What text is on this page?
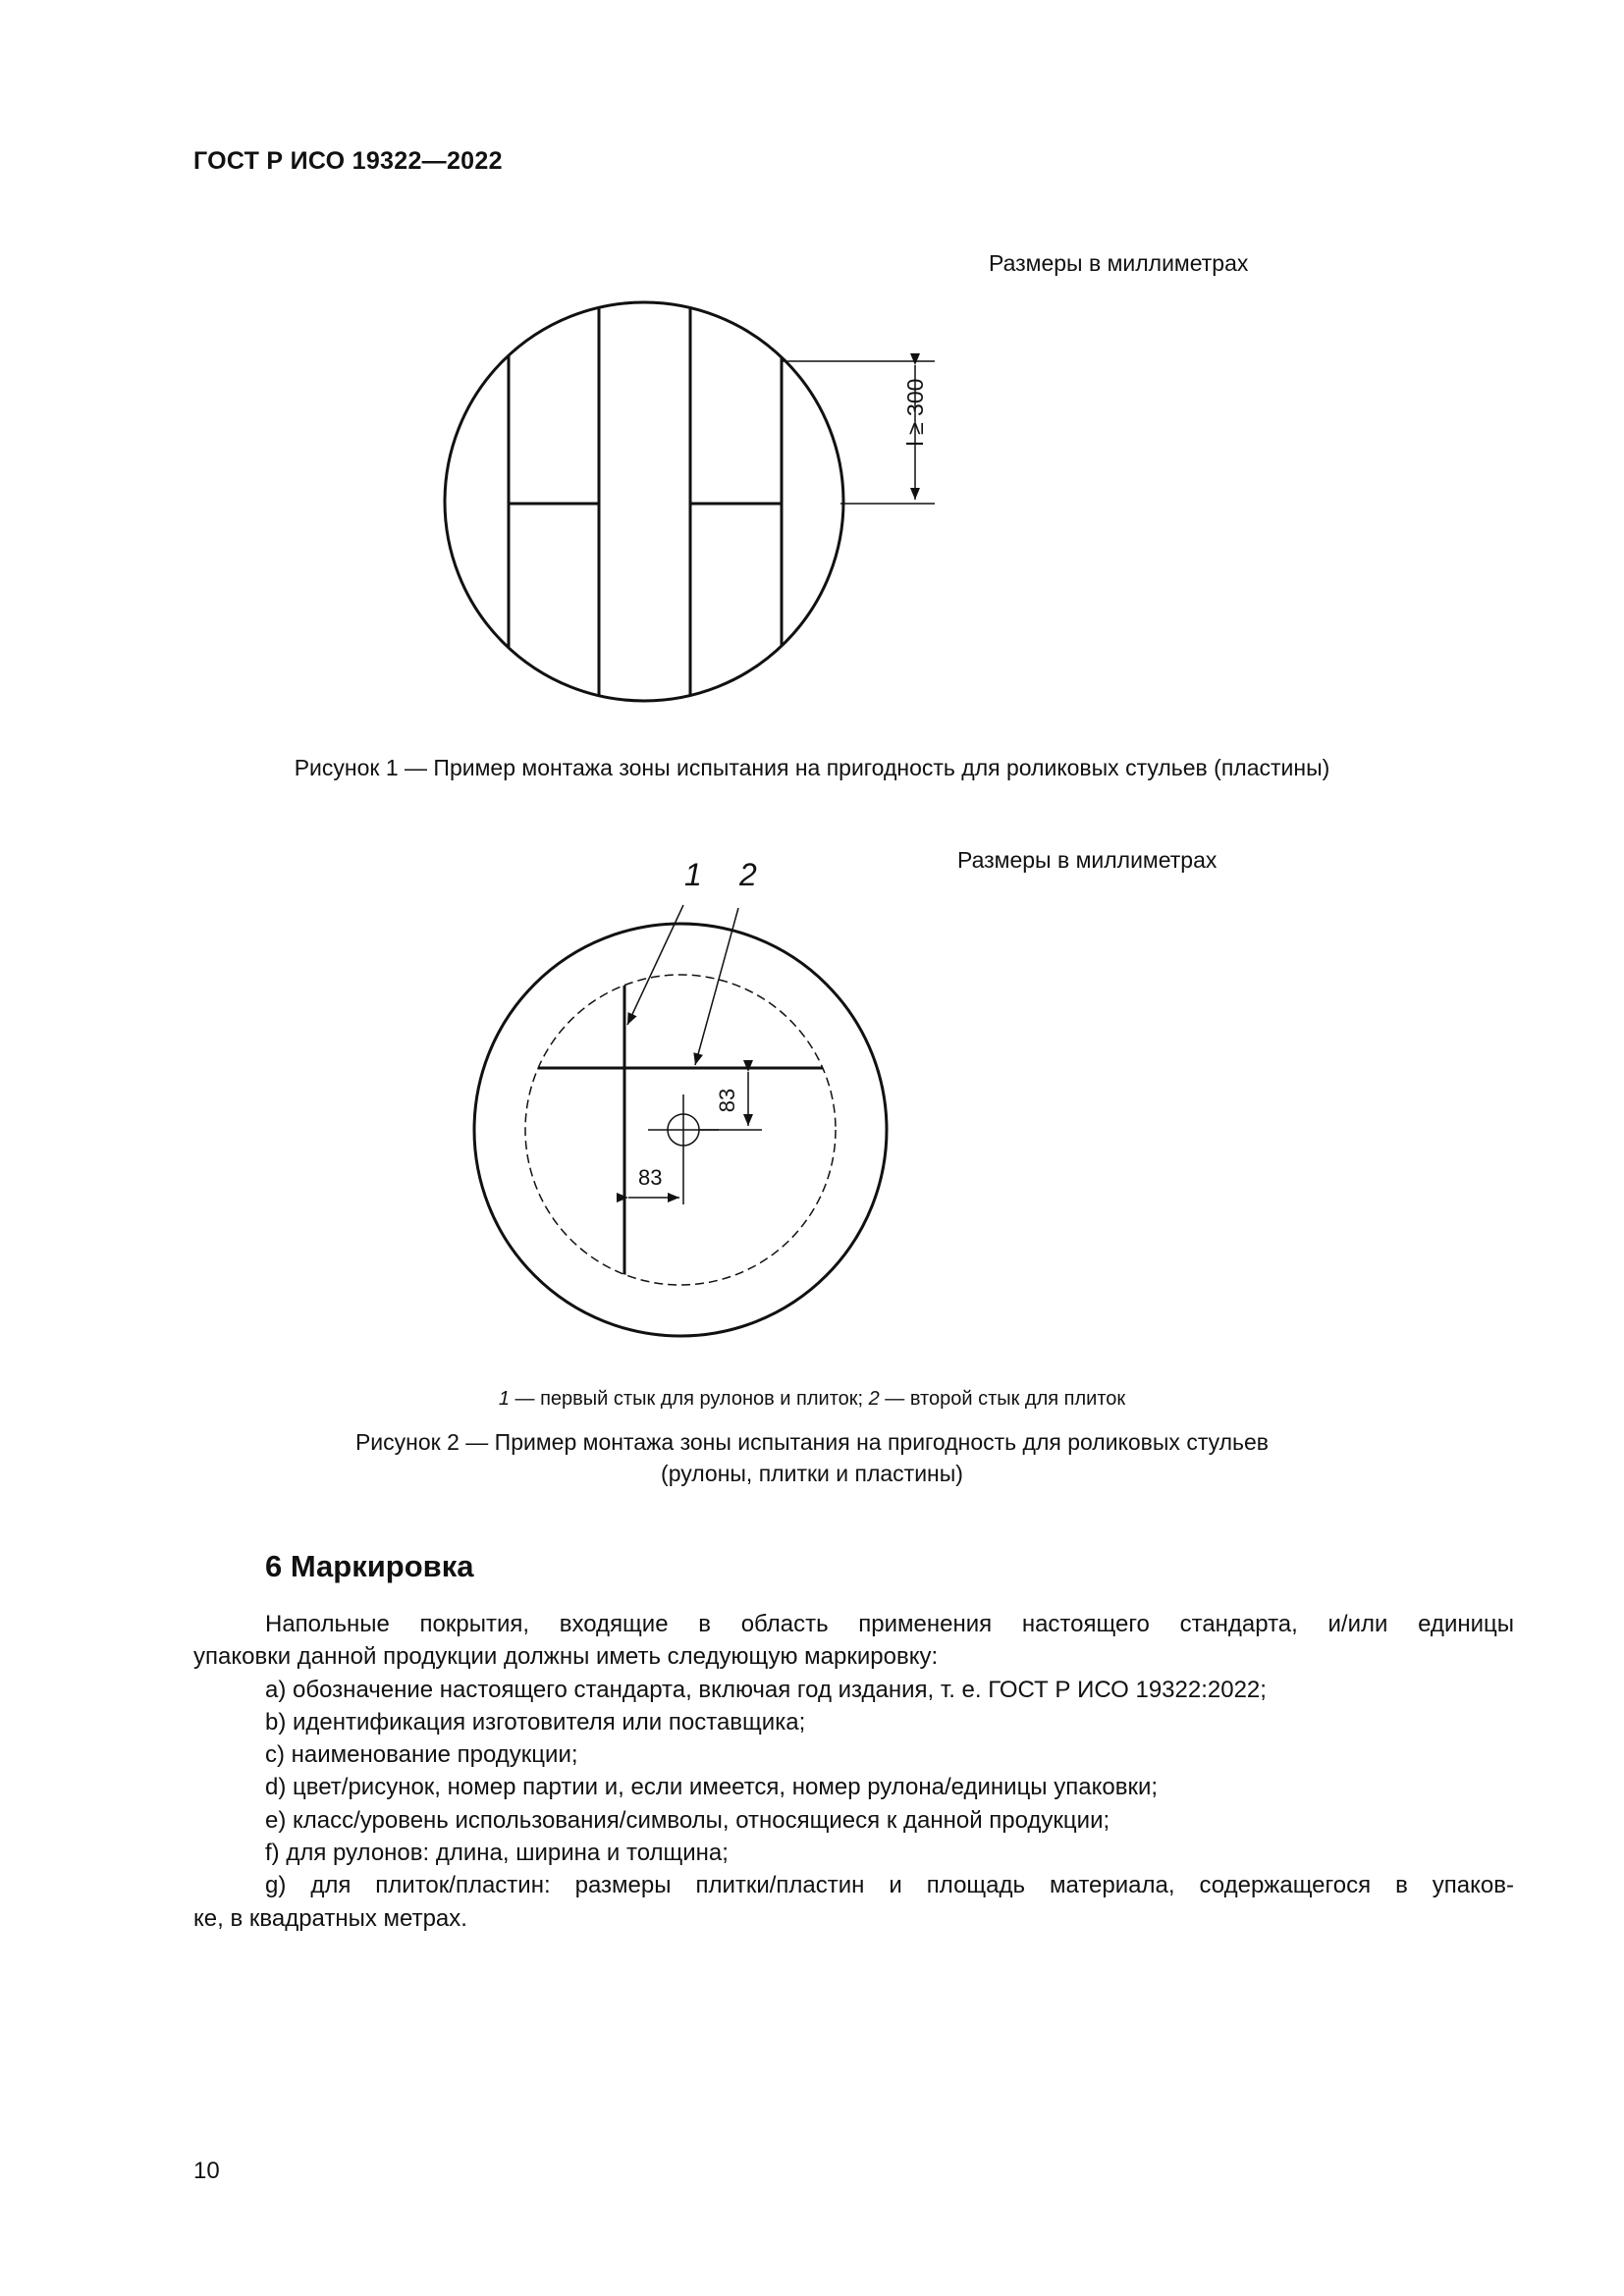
ГОСТ Р ИСО 19322—2022
Размеры в миллиметрах
l ≥ 300
Рисунок 1 — Пример монтажа зоны испытания на пригодность для роликовых стульев (пластины)
Размеры в миллиметрах
1 2
83
83
1 — первый стык для рулонов и плиток; 2 — второй стык для плиток
Рисунок 2 — Пример монтажа зоны испытания на пригодность для роликовых стульев
(рулоны, плитки и пластины)
6 Маркировка

Напольные покрытия, входящие в область применения настоящего стандарта, и/или единицы

упаковки данной продукции должны иметь следующую маркировку:

a) обозначение настоящего стандарта, включая год издания, т. е. ГОСТ Р ИСО 19322:2022;

b) идентификация изготовителя или поставщика;

c) наименование продукции;

d) цвет/рисунок, номер партии и, если имеется, номер рулона/единицы упаковки;

e) класс/уровень использования/символы, относящиеся к данной продукции;

f) для рулонов: длина, ширина и толщина;

g) для плиток/пластин: размеры плитки/пластин и площадь материала, содержащегося в упаков-

ке, в квадратных метрах.

10
